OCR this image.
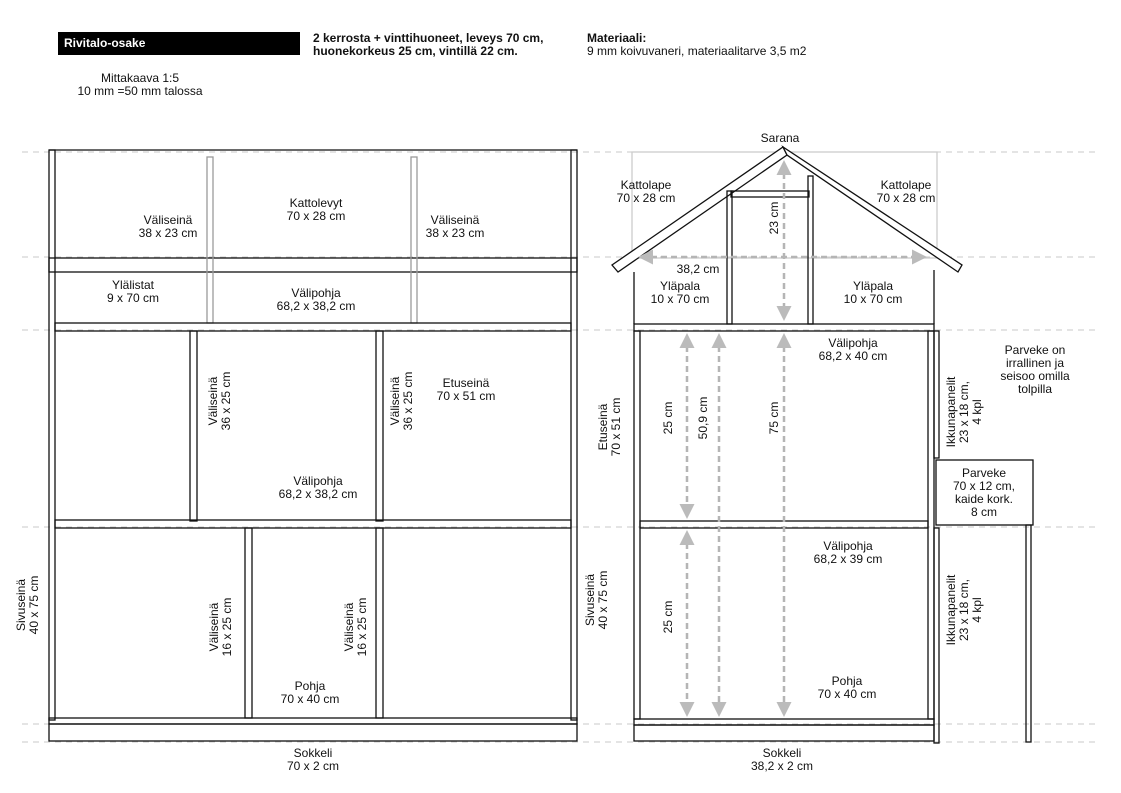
Rivitalo-osake	2 kerrosta + vinttihuoneet, leveys 70 cm,
huonekorkeus 25 cm, vintillä 22 cm.
Materiaali:
9 mm koivuvaneri, materiaalitarve 3,5 m2
Mittakaava 1:5
10 mm =50 mm talossa
Kattolevyt
70 x 28 cm
Väliseinä
38 x 23 cm
Väliseinä
38 x 23 cm
Ylälistat
9 x 70 cm	Välipohja
68,2 x 38,2 cm
Väliseinä 36 x 25 cm	Väliseinä 36 x 25 cm Etuseinä
70 x 51 cm
Välipohja
68,2 x 38,2 cm
Väliseinä 16 x 25 cm	Väliseinä 16 x 25 cm
Sivuseinä 40 x 75 cm
Pohja
70 x 40 cm
Sokkeli
70 x 2 cm
Sarana
Kattolape
70 x 28 cm
Kattolape
70 x 28 cm
23 cm
38,2 cm
Yläpala
10 x 70 cm
Yläpala
10 x 70 cm
Välipohja
68,2 x 40 cm
Etuseinä 70 x 51 cm	25 cm 50,9 cm	75 cm
Välipohja
68,2 x 39 cm
Sivuseinä 40 x 75 cm	25 cm
Pohja
70 x 40 cm
Sokkeli
38,2 x 2 cm
Ikkunapanelit 23 x 18 cm, 4 kpl
Ikkunapanelit 23 x 18 cm, 4 kpl
Parveke on
irrallinen ja
seisoo omilla
tolpilla
Parveke
70 x 12 cm,
kaide kork.
8 cm
